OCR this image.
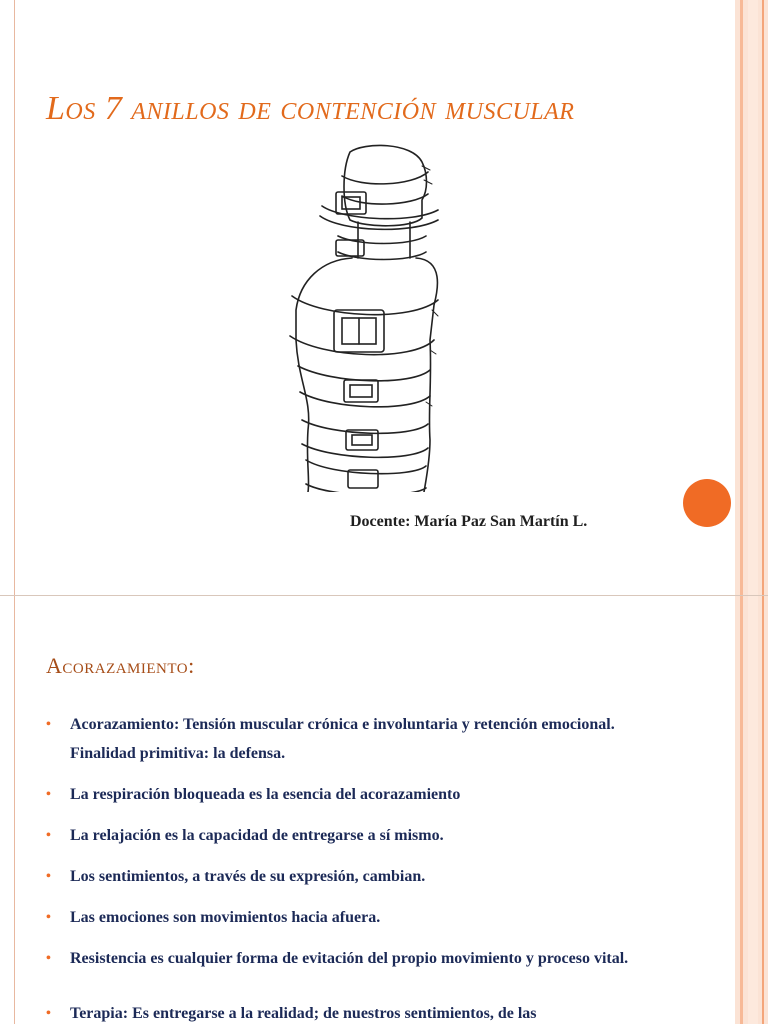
Los 7 anillos de contención muscular
Docente: María Paz San Martín L.
Acorazamiento:
• Acorazamiento: Tensión muscular crónica e involuntaria y retención emocional. Finalidad primitiva: la defensa.
• La respiración bloqueada es la esencia del acorazamiento
• La relajación es la capacidad de entregarse a sí mismo.
• Los sentimientos, a través de su expresión, cambian.
• Las emociones son movimientos hacia afuera.
• Resistencia es cualquier forma de evitación del propio movimiento y proceso vital.
• Terapia: Es entregarse a la realidad; de nuestros sentimientos, de las
